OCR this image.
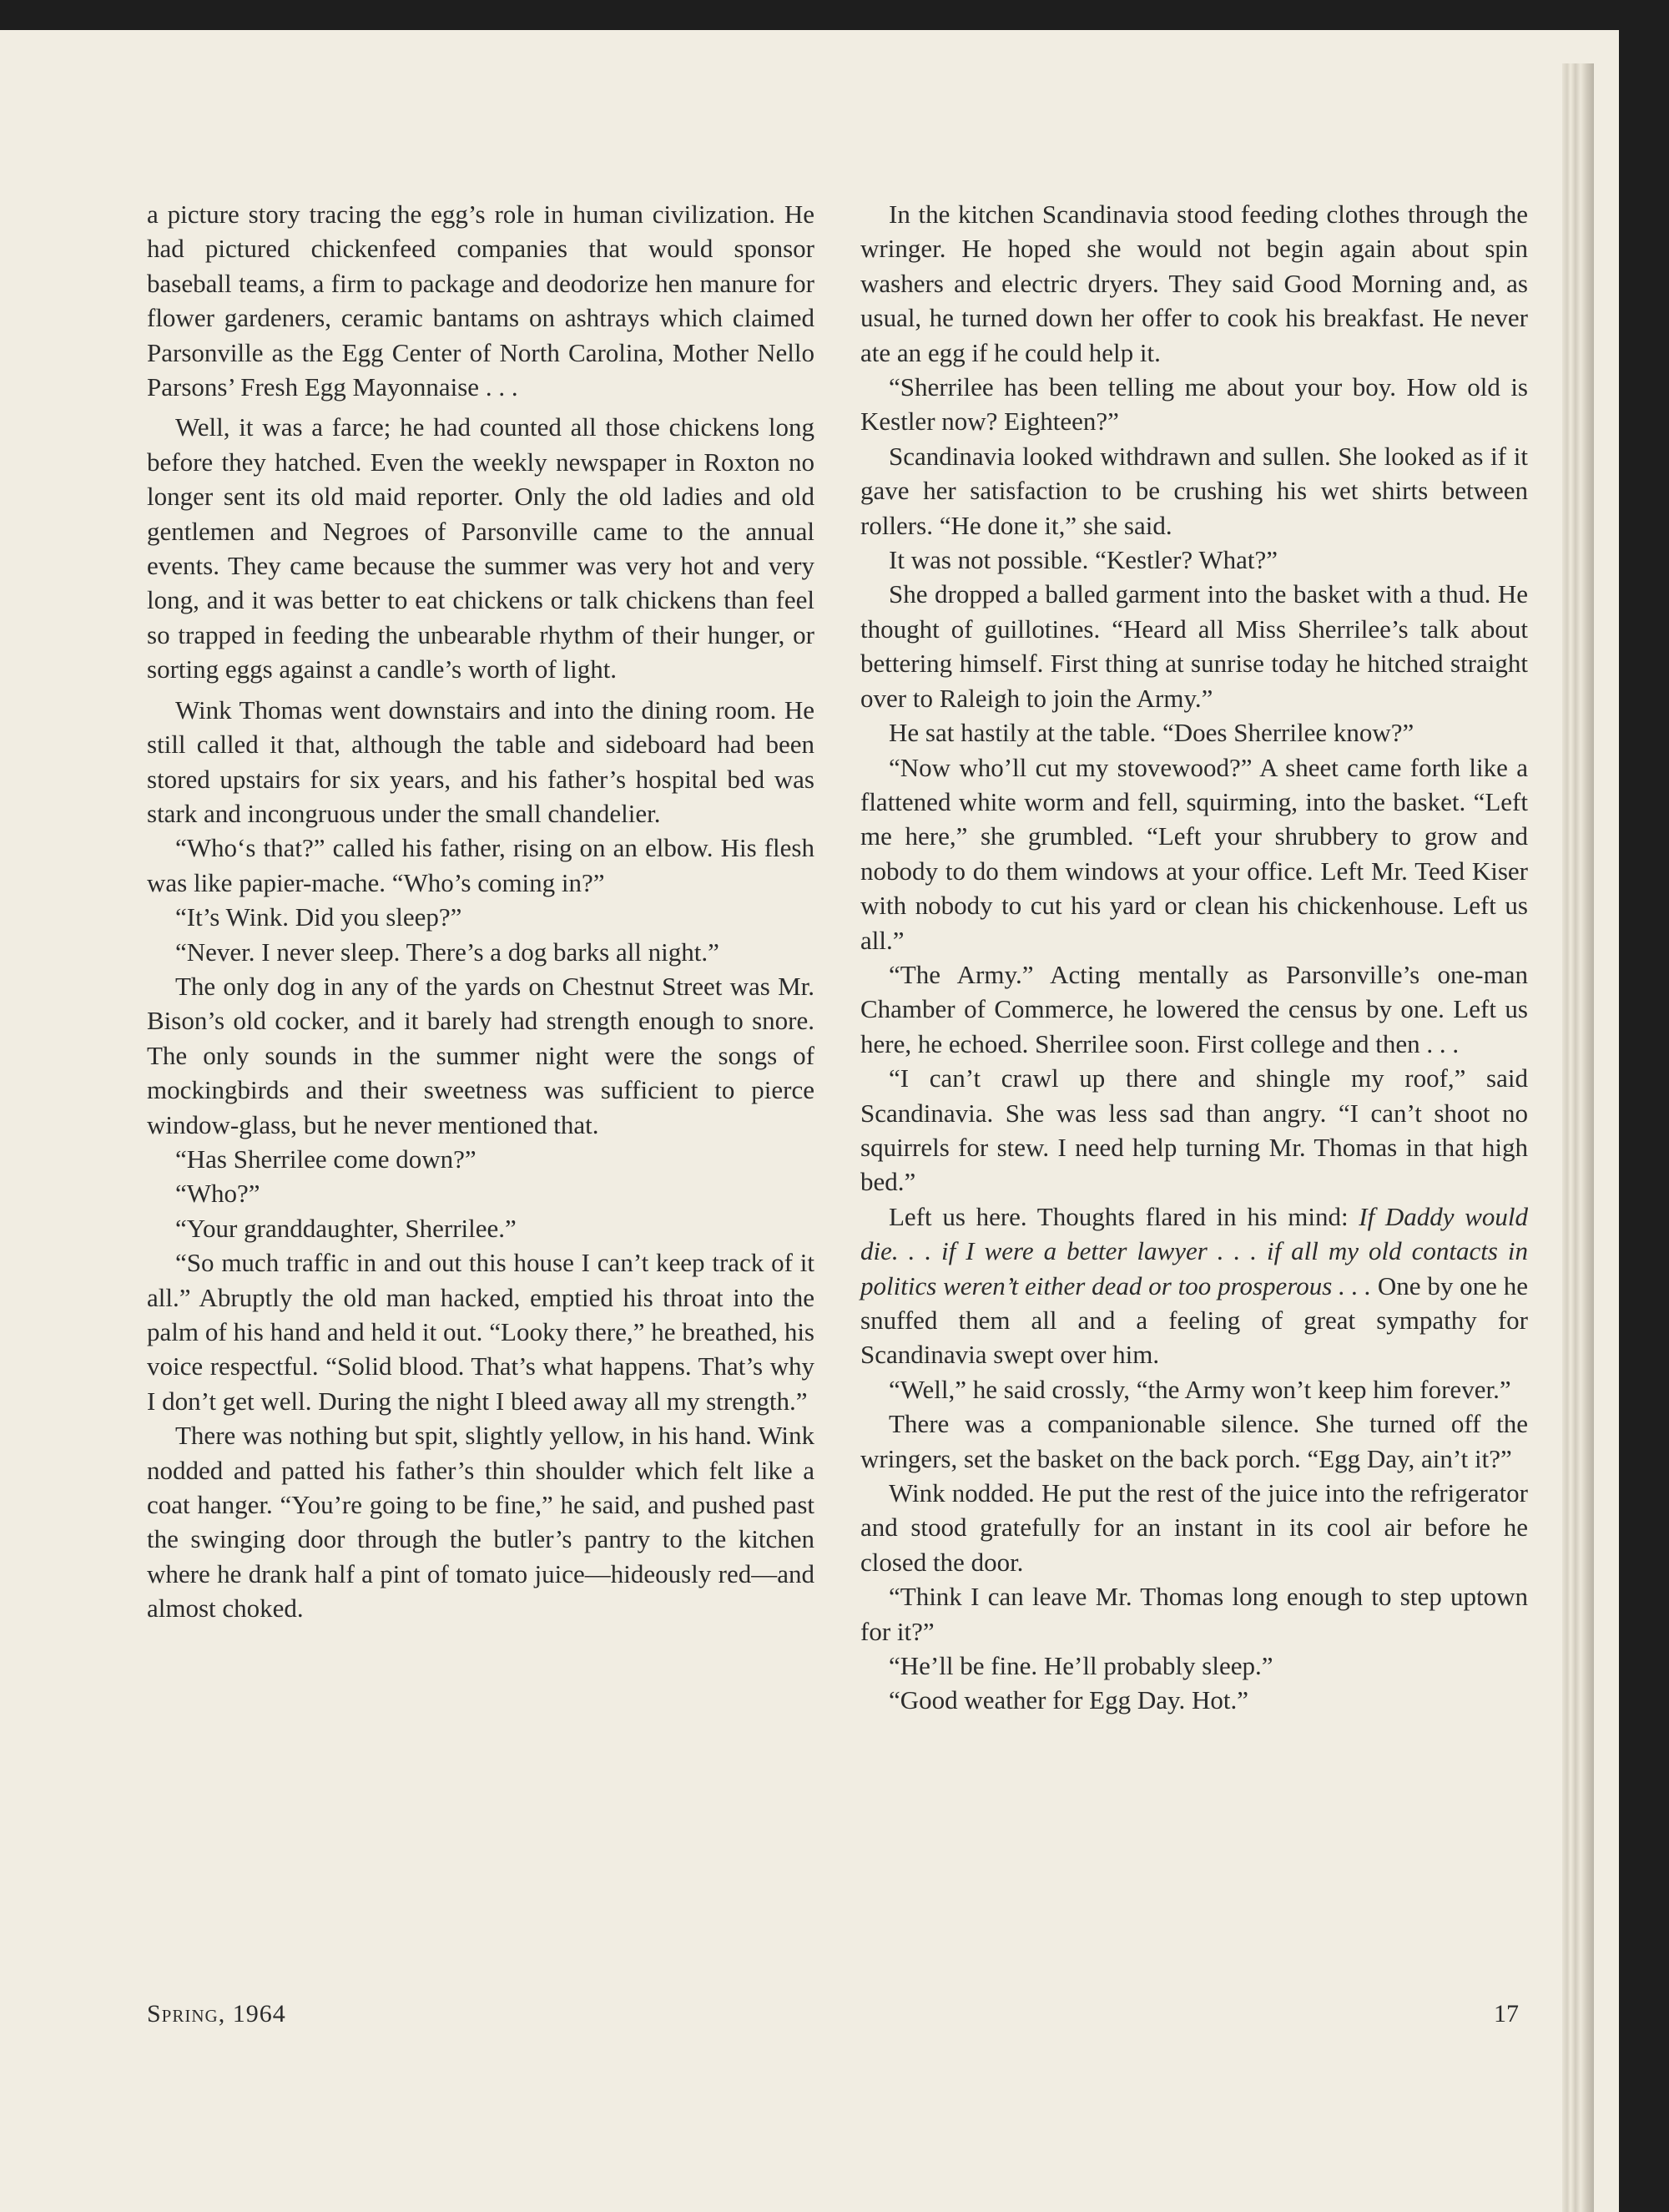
a picture story tracing the egg’s role in human civilization. He had pictured chickenfeed companies that would sponsor baseball teams, a firm to package and deodorize hen manure for flower gardeners, ceramic bantams on ashtrays which claimed Parsonville as the Egg Center of North Carolina, Mother Nello Parsons’ Fresh Egg Mayonnaise . . .

Well, it was a farce; he had counted all those chickens long before they hatched. Even the weekly newspaper in Roxton no longer sent its old maid reporter. Only the old ladies and old gentlemen and Negroes of Parsonville came to the annual events. They came because the summer was very hot and very long, and it was better to eat chickens or talk chickens than feel so trapped in feeding the unbearable rhythm of their hunger, or sorting eggs against a candle’s worth of light.

Wink Thomas went downstairs and into the dining room. He still called it that, although the table and sideboard had been stored upstairs for six years, and his father’s hospital bed was stark and incongruous under the small chandelier.

“Who‘s that?” called his father, rising on an elbow. His flesh was like papier-mache. “Who’s coming in?”

“It’s Wink. Did you sleep?”

“Never. I never sleep. There’s a dog barks all night.”

The only dog in any of the yards on Chestnut Street was Mr. Bison’s old cocker, and it barely had strength enough to snore. The only sounds in the summer night were the songs of mockingbirds and their sweetness was sufficient to pierce window-glass, but he never mentioned that.

“Has Sherrilee come down?”

“Who?”

“Your granddaughter, Sherrilee.”

“So much traffic in and out this house I can’t keep track of it all.” Abruptly the old man hacked, emptied his throat into the palm of his hand and held it out. “Looky there,” he breathed, his voice respectful. “Solid blood. That’s what happens. That’s why I don’t get well. During the night I bleed away all my strength.”

There was nothing but spit, slightly yellow, in his hand. Wink nodded and patted his father’s thin shoulder which felt like a coat hanger. “You’re going to be fine,” he said, and pushed past the swinging door through the butler’s pantry to the kitchen where he drank half a pint of tomato juice—hideously red—and almost choked.

In the kitchen Scandinavia stood feeding clothes through the wringer. He hoped she would not begin again about spin washers and electric dryers. They said Good Morning and, as usual, he turned down her offer to cook his breakfast. He never ate an egg if he could help it.

“Sherrilee has been telling me about your boy. How old is Kestler now? Eighteen?”

Scandinavia looked withdrawn and sullen. She looked as if it gave her satisfaction to be crushing his wet shirts between rollers. “He done it,” she said.

It was not possible. “Kestler? What?”

She dropped a balled garment into the basket with a thud. He thought of guillotines. “Heard all Miss Sherrilee’s talk about bettering himself. First thing at sunrise today he hitched straight over to Raleigh to join the Army.”

He sat hastily at the table. “Does Sherrilee know?”

“Now who’ll cut my stovewood?” A sheet came forth like a flattened white worm and fell, squirming, into the basket. “Left me here,” she grumbled. “Left your shrubbery to grow and nobody to do them windows at your office. Left Mr. Teed Kiser with nobody to cut his yard or clean his chickenhouse. Left us all.”

“The Army.” Acting mentally as Parsonville’s one-man Chamber of Commerce, he lowered the census by one. Left us here, he echoed. Sherrilee soon. First college and then . . .

“I can’t crawl up there and shingle my roof,” said Scandinavia. She was less sad than angry. “I can’t shoot no squirrels for stew. I need help turning Mr. Thomas in that high bed.”

Left us here. Thoughts flared in his mind: If Daddy would die. . . if I were a better lawyer . . . if all my old contacts in politics weren’t either dead or too prosperous . . . One by one he snuffed them all and a feeling of great sympathy for Scandinavia swept over him.

“Well,” he said crossly, “the Army won’t keep him forever.”

There was a companionable silence. She turned off the wringers, set the basket on the back porch. “Egg Day, ain’t it?”

Wink nodded. He put the rest of the juice into the refrigerator and stood gratefully for an instant in its cool air before he closed the door.

“Think I can leave Mr. Thomas long enough to step uptown for it?”

“He’ll be fine. He’ll probably sleep.”

“Good weather for Egg Day. Hot.”

Spring, 1964	17
